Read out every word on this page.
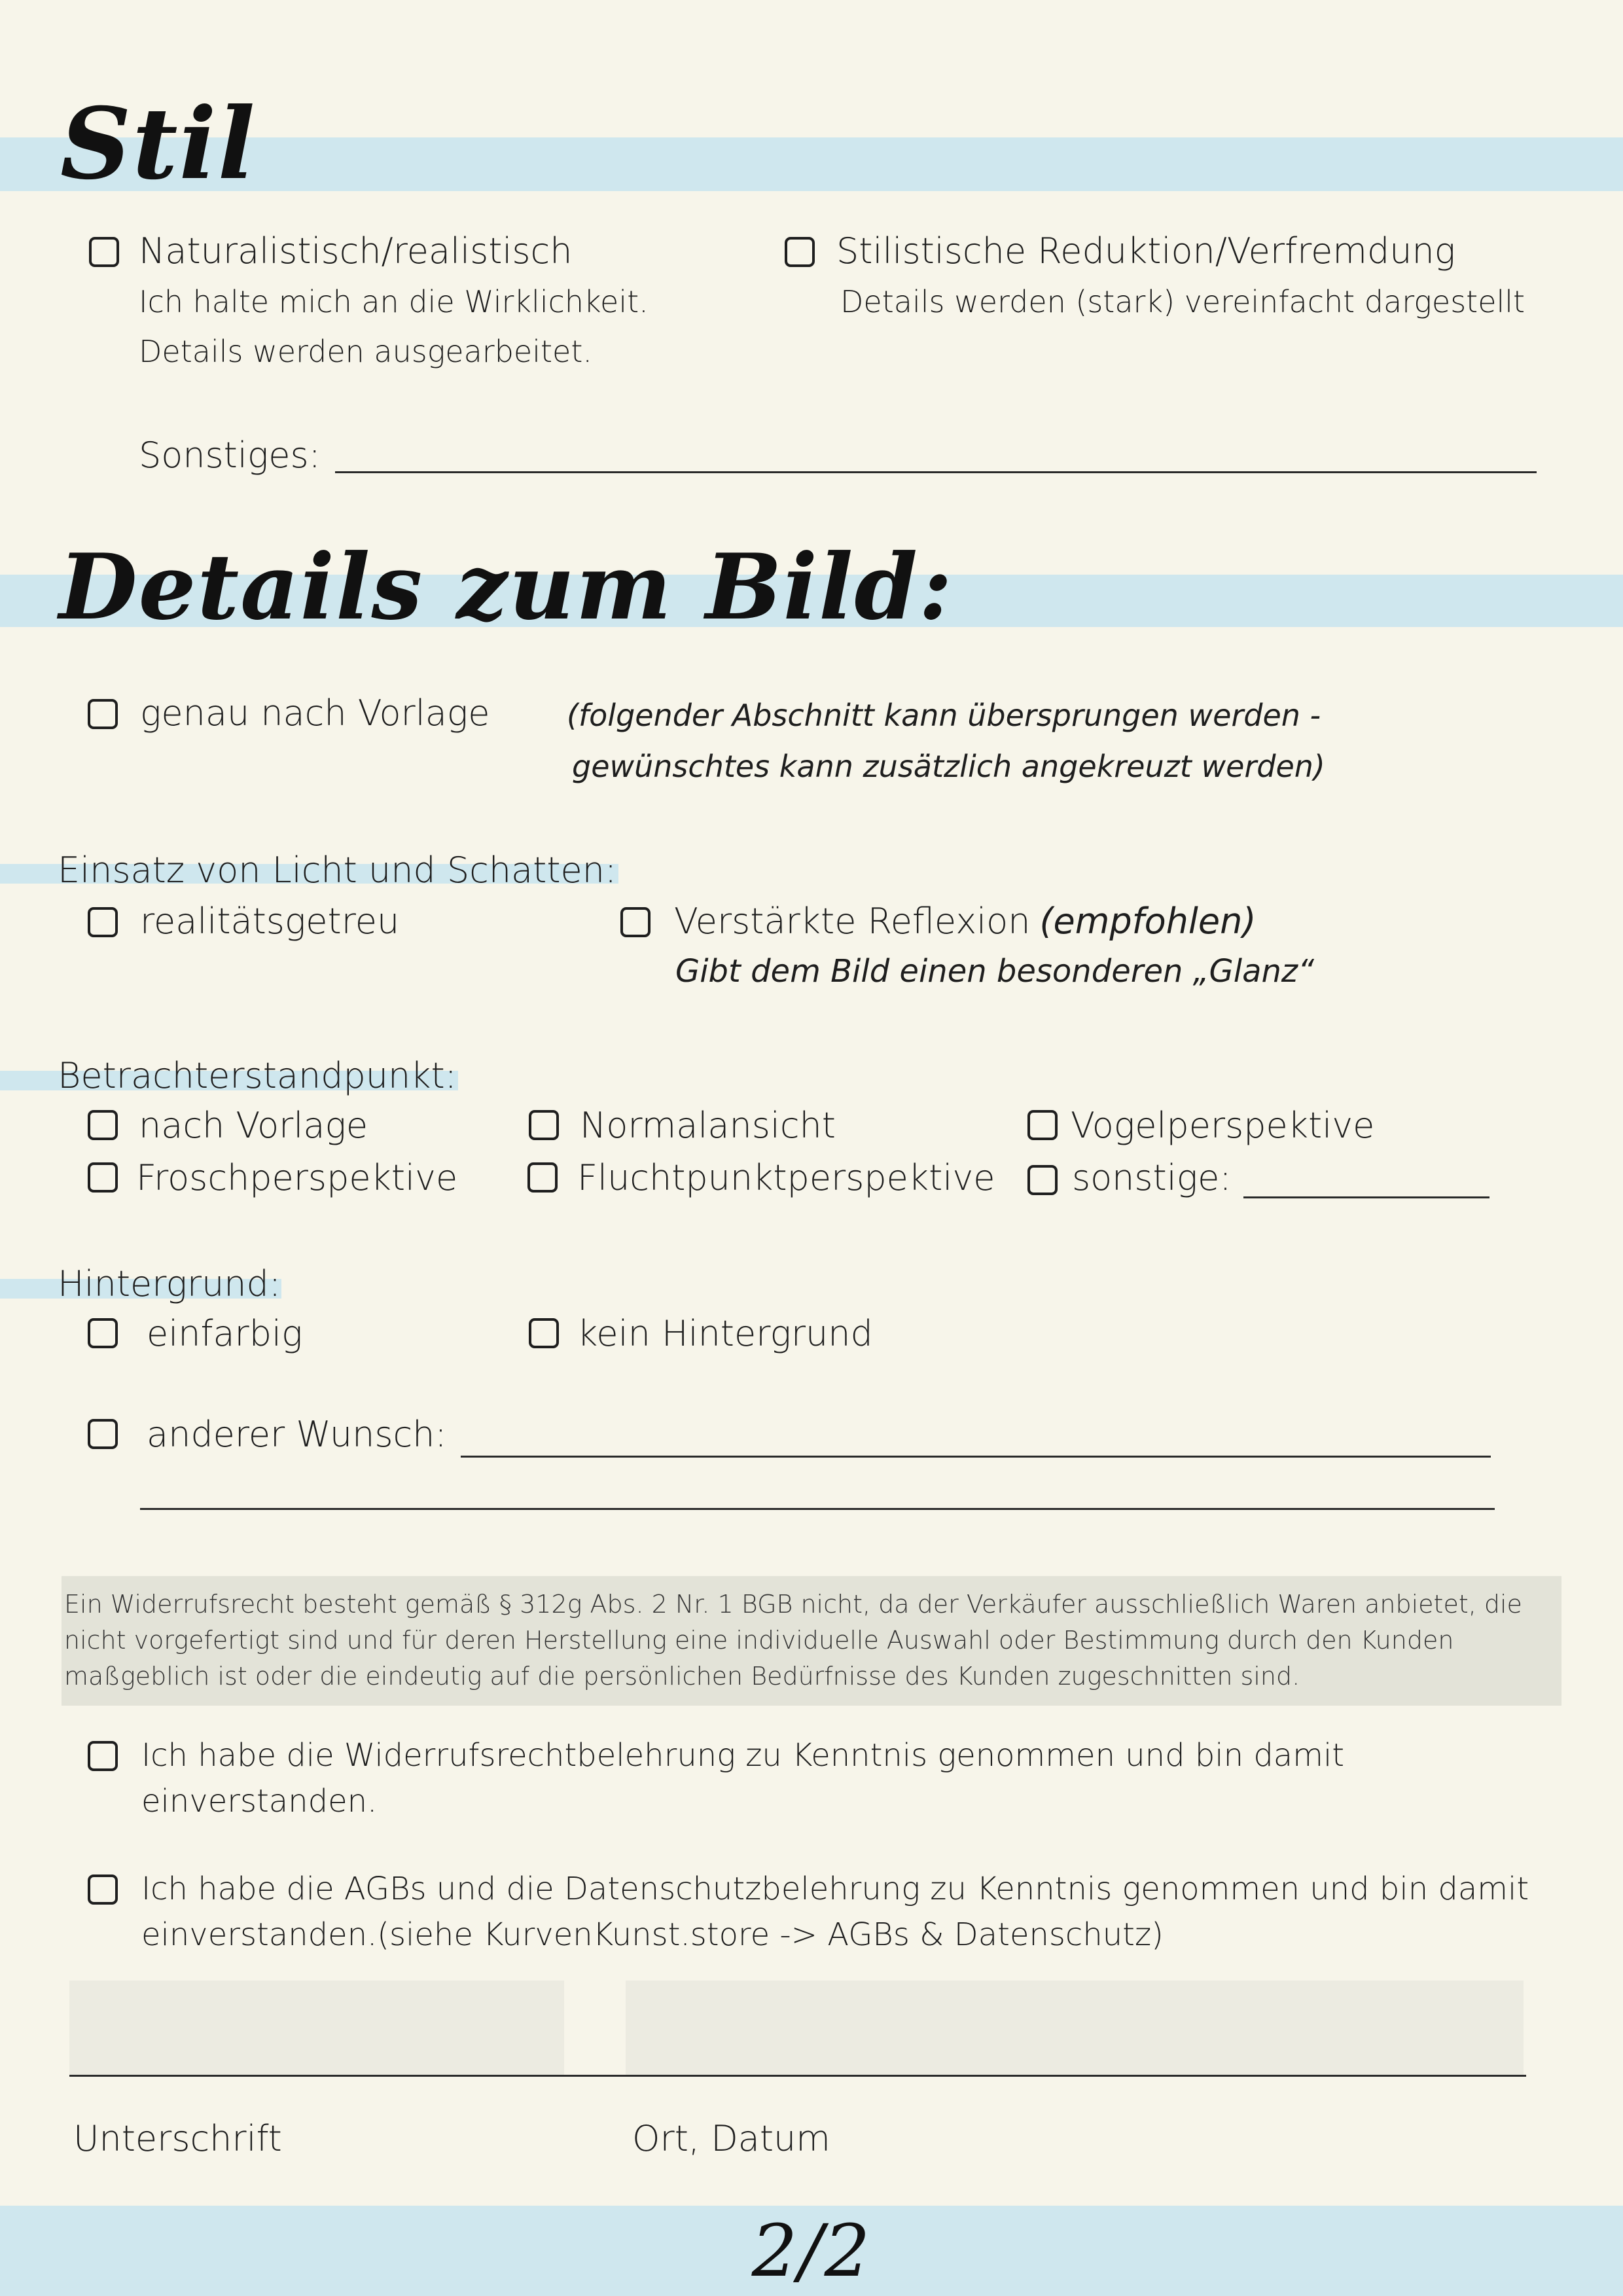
Stil
Naturalistisch/realistisch
Ich halte mich an die Wirklichkeit.
Details werden ausgearbeitet.
Stilistische Reduktion/Verfremdung
Details werden (stark) vereinfacht dargestellt
Sonstiges:
Details zum Bild:
genau nach Vorlage	(folgender Abschnitt kann übersprungen werden -
gewünschtes kann zusätzlich angekreuzt werden)
Einsatz von Licht und Schatten:
realitätsgetreu	Verstärkte Reflexion (empfohlen)
Gibt dem Bild einen besonderen „Glanz“
Betrachterstandpunkt:
nach Vorlage	Normalansicht	Vogelperspektive
Froschperspektive	Fluchtpunktperspektive sonstige:
Hintergrund:
einfarbig	kein Hintergrund
anderer Wunsch:
Ein Widerrufsrecht besteht gemäß § 312g Abs. 2 Nr. 1 BGB nicht, da der Verkäufer ausschließlich Waren anbietet, die
nicht vorgefertigt sind und für deren Herstellung eine individuelle Auswahl oder Bestimmung durch den Kunden
maßgeblich ist oder die eindeutig auf die persönlichen Bedürfnisse des Kunden zugeschnitten sind.
Ich habe die Widerrufsrechtbelehrung zu Kenntnis genommen und bin damit
einverstanden.
Ich habe die AGBs und die Datenschutzbelehrung zu Kenntnis genommen und bin damit
einverstanden.(siehe KurvenKunst.store -> AGBs & Datenschutz)
Unterschrift	Ort, Datum
2/2
